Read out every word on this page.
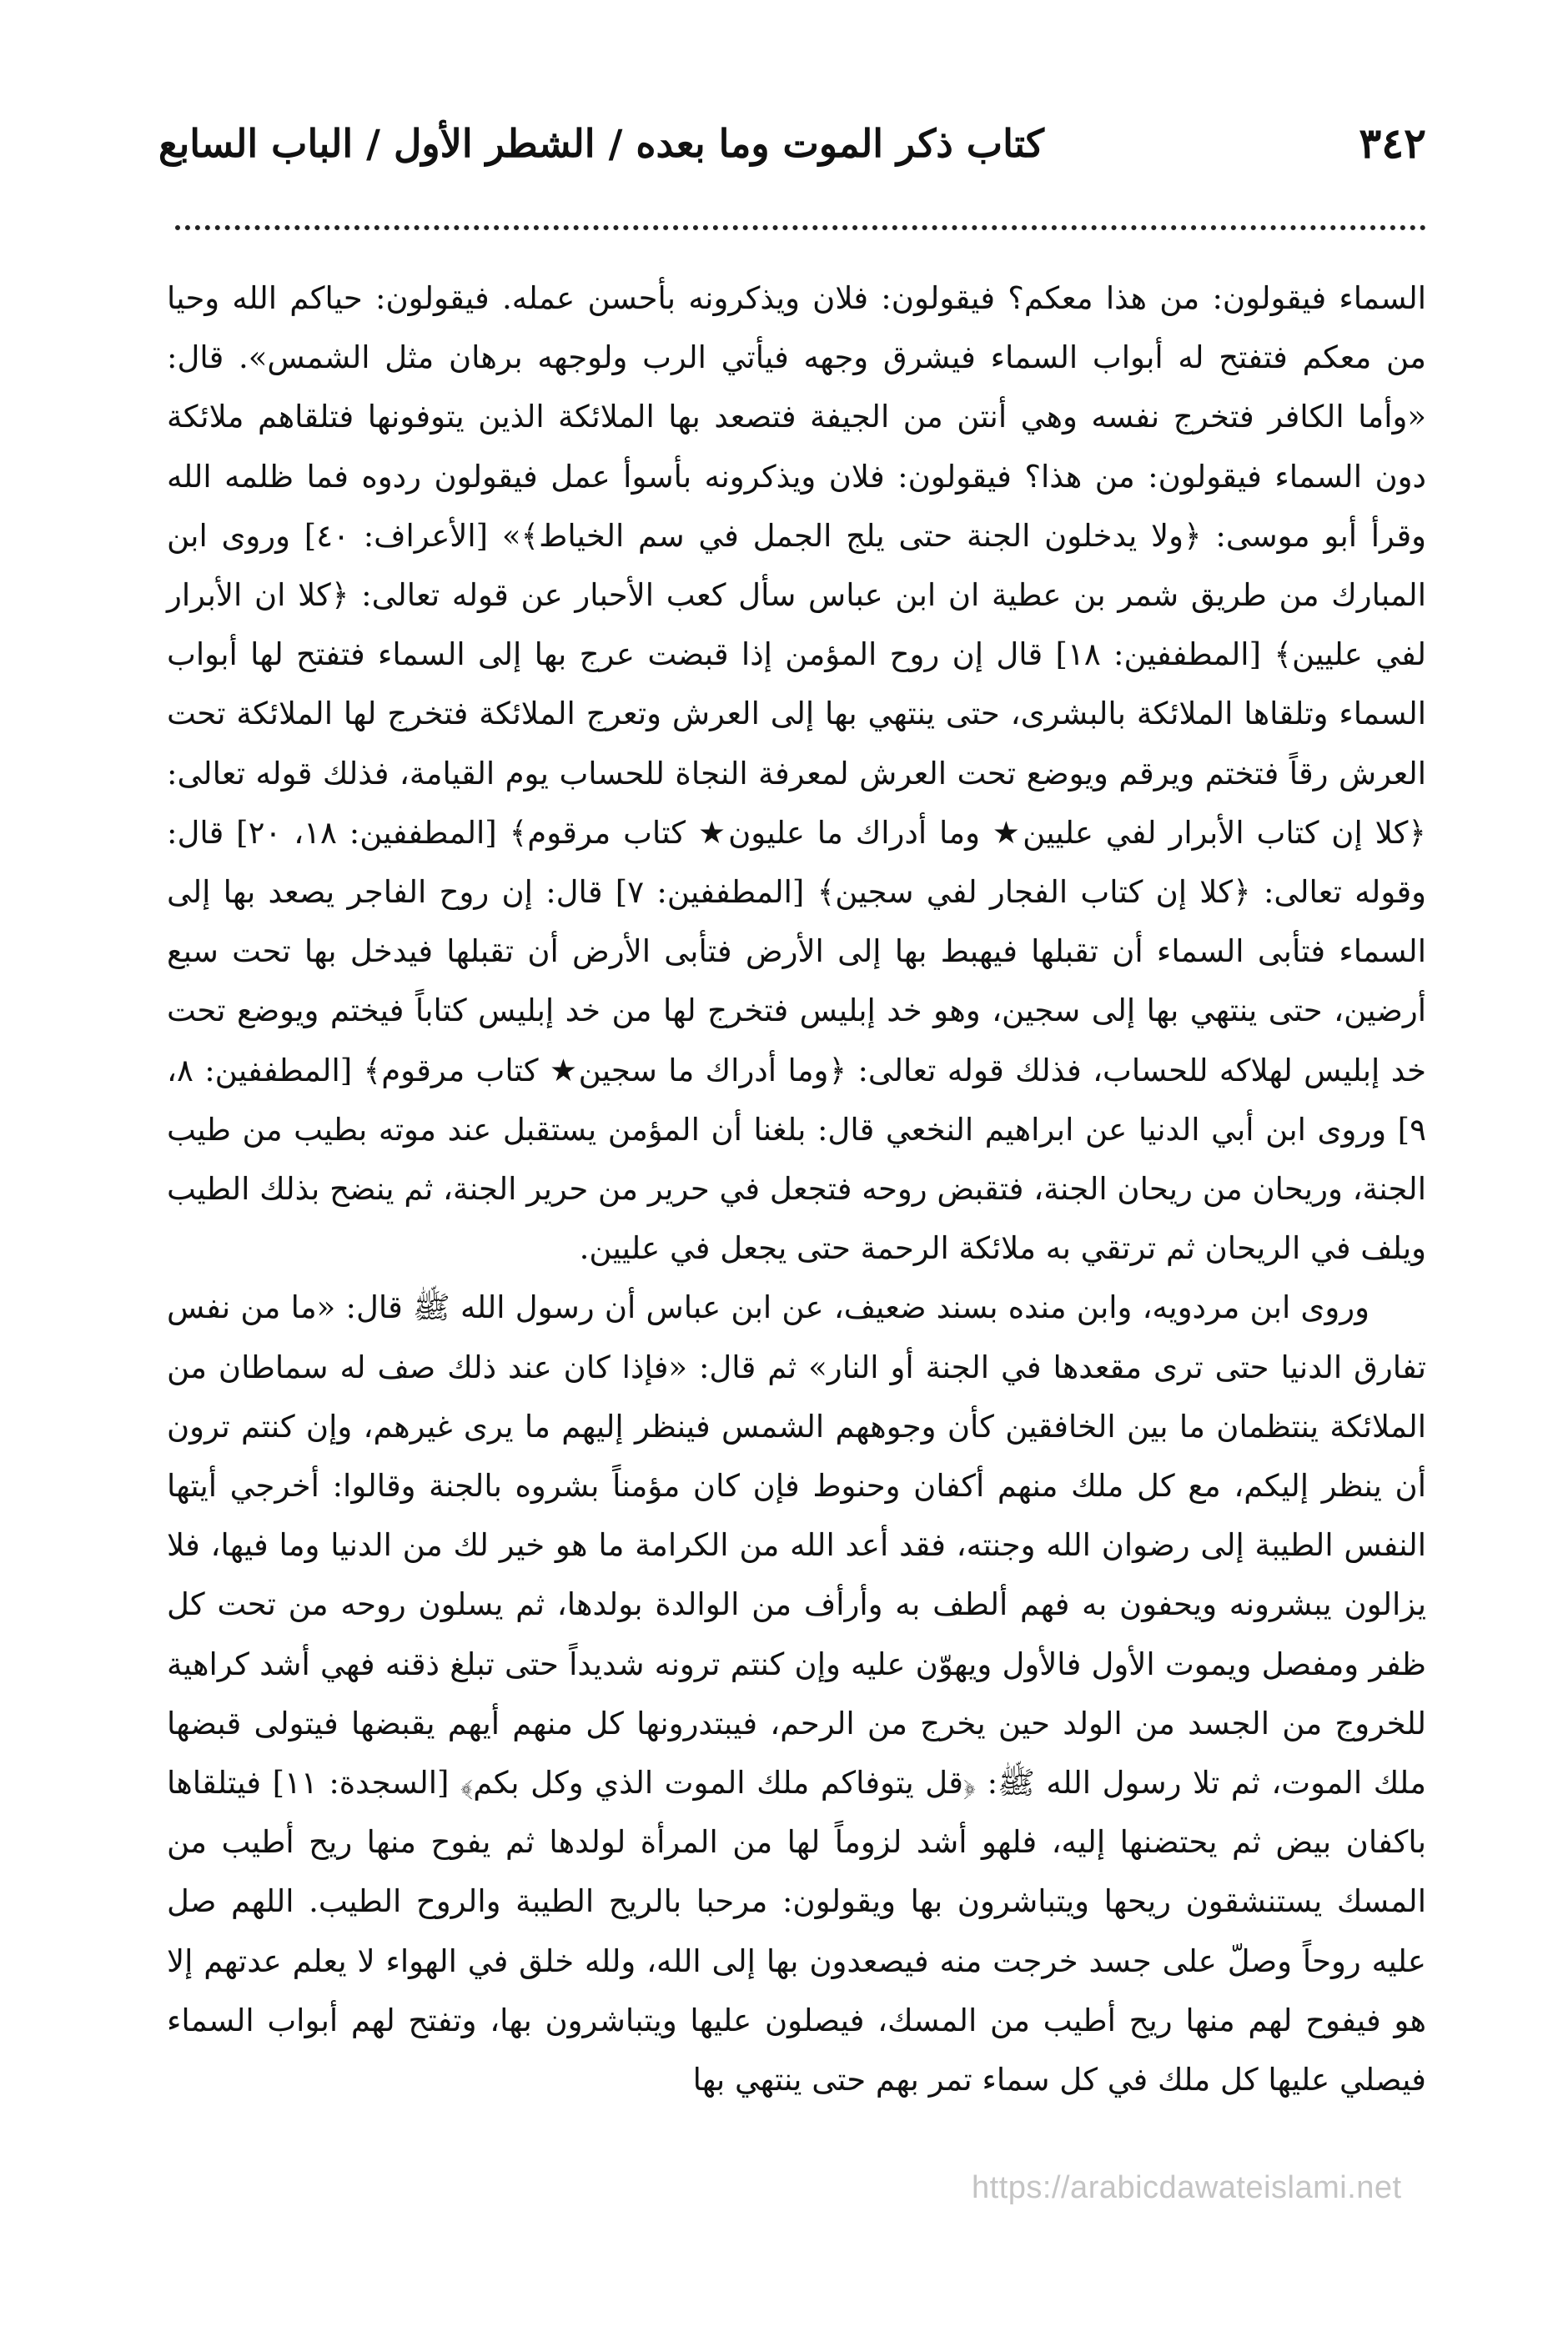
٣٤٢
كتاب ذكر الموت وما بعده / الشطر الأول / الباب السابع

السماء فيقولون: من هذا معكم؟ فيقولون: فلان ويذكرونه بأحسن عمله. فيقولون: حياكم الله وحيا من معكم فتفتح له أبواب السماء فيشرق وجهه فيأتي الرب ولوجهه برهان مثل الشمس». قال: «وأما الكافر فتخرج نفسه وهي أنتن من الجيفة فتصعد بها الملائكة الذين يتوفونها فتلقاهم ملائكة دون السماء فيقولون: من هذا؟ فيقولون: فلان ويذكرونه بأسوأ عمل فيقولون ردوه فما ظلمه الله وقرأ أبو موسى: ﴿ولا يدخلون الجنة حتى يلج الجمل في سم الخياط﴾» [الأعراف: ٤٠] وروى ابن المبارك من طريق شمر بن عطية ان ابن عباس سأل كعب الأحبار عن قوله تعالى: ﴿كلا ان الأبرار لفي عليين﴾ [المطففين: ١٨] قال إن روح المؤمن إذا قبضت عرج بها إلى السماء فتفتح لها أبواب السماء وتلقاها الملائكة بالبشرى، حتى ينتهي بها إلى العرش وتعرج الملائكة فتخرج لها الملائكة تحت العرش رقاً فتختم ويرقم ويوضع تحت العرش لمعرفة النجاة للحساب يوم القيامة، فذلك قوله تعالى: ﴿كلا إن كتاب الأبرار لفي عليين★ وما أدراك ما عليون★ كتاب مرقوم﴾ [المطففين: ١٨، ٢٠] قال: وقوله تعالى: ﴿كلا إن كتاب الفجار لفي سجين﴾ [المطففين: ٧] قال: إن روح الفاجر يصعد بها إلى السماء فتأبى السماء أن تقبلها فيهبط بها إلى الأرض فتأبى الأرض أن تقبلها فيدخل بها تحت سبع أرضين، حتى ينتهي بها إلى سجين، وهو خد إبليس فتخرج لها من خد إبليس كتاباً فيختم ويوضع تحت خد إبليس لهلاكه للحساب، فذلك قوله تعالى: ﴿وما أدراك ما سجين★ كتاب مرقوم﴾ [المطففين: ٨، ٩] وروى ابن أبي الدنيا عن ابراهيم النخعي قال: بلغنا أن المؤمن يستقبل عند موته بطيب من طيب الجنة، وريحان من ريحان الجنة، فتقبض روحه فتجعل في حرير من حرير الجنة، ثم ينضح بذلك الطيب ويلف في الريحان ثم ترتقي به ملائكة الرحمة حتى يجعل في عليين.

وروى ابن مردويه، وابن منده بسند ضعيف، عن ابن عباس أن رسول الله ﷺ قال: «ما من نفس تفارق الدنيا حتى ترى مقعدها في الجنة أو النار» ثم قال: «فإذا كان عند ذلك صف له سماطان من الملائكة ينتظمان ما بين الخافقين كأن وجوههم الشمس فينظر إليهم ما يرى غيرهم، وإن كنتم ترون أن ينظر إليكم، مع كل ملك منهم أكفان وحنوط فإن كان مؤمناً بشروه بالجنة وقالوا: أخرجي أيتها النفس الطيبة إلى رضوان الله وجنته، فقد أعد الله من الكرامة ما هو خير لك من الدنيا وما فيها، فلا يزالون يبشرونه ويحفون به فهم ألطف به وأرأف من الوالدة بولدها، ثم يسلون روحه من تحت كل ظفر ومفصل ويموت الأول فالأول ويهوّن عليه وإن كنتم ترونه شديداً حتى تبلغ ذقنه فهي أشد كراهية للخروج من الجسد من الولد حين يخرج من الرحم، فيبتدرونها كل منهم أيهم يقبضها فيتولى قبضها ملك الموت، ثم تلا رسول الله ﷺ: ﴿قل يتوفاكم ملك الموت الذي وكل بكم﴾ [السجدة: ١١] فيتلقاها باكفان بيض ثم يحتضنها إليه، فلهو أشد لزوماً لها من المرأة لولدها ثم يفوح منها ريح أطيب من المسك يستنشقون ريحها ويتباشرون بها ويقولون: مرحبا بالريح الطيبة والروح الطيب. اللهم صل عليه روحاً وصلّ على جسد خرجت منه فيصعدون بها إلى الله، ولله خلق في الهواء لا يعلم عدتهم إلا هو فيفوح لهم منها ريح أطيب من المسك، فيصلون عليها ويتباشرون بها، وتفتح لهم أبواب السماء فيصلي عليها كل ملك في كل سماء تمر بهم حتى ينتهي بها

https://arabicdawateislami.net
